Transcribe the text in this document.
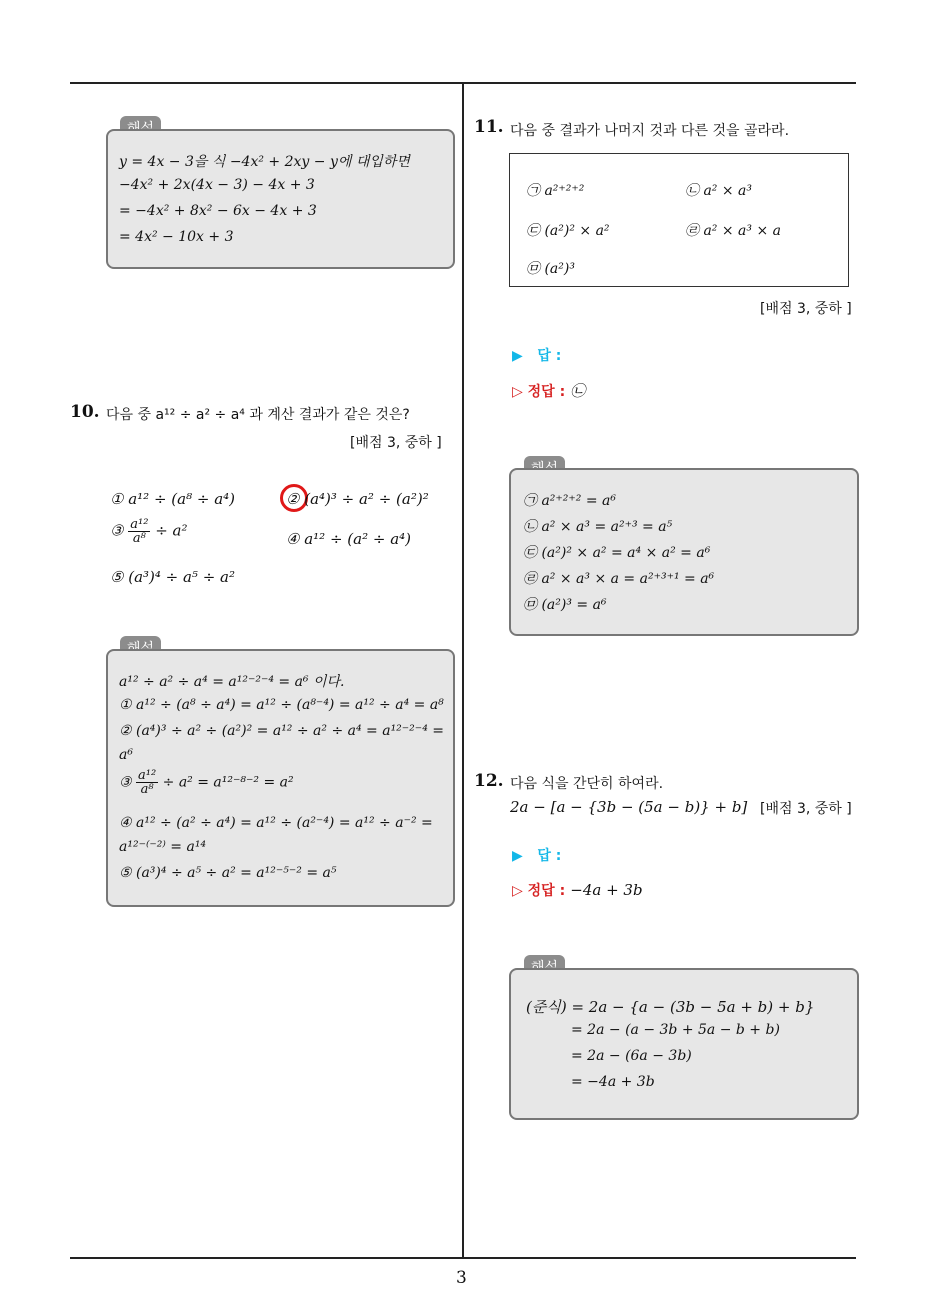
3
y = 4x − 3을 식 −4x² + 2xy − y에 대입하면
−4x² + 2x(4x − 3) − 4x + 3
= −4x² + 8x² − 6x − 4x + 3
= 4x² − 10x + 3
10. 다음 중 a¹² ÷ a² ÷ a⁴ 과 계산 결과가 같은 것은?
[배점 3, 중하 ]
① a¹² ÷ (a⁸ ÷ a⁴)	② (a⁴)³ ÷ a² ÷ (a²)²
③ $\frac{\text{a¹²}}{\text{a⁸}} \div a^2$	④ a¹² ÷ (a² ÷ a⁴)
⑤ (a³)⁴ ÷ a⁵ ÷ a²
a¹² ÷ a² ÷ a⁴ = a¹²⁻²⁻⁴ = a⁶ 이다.
① a¹² ÷ (a⁸ ÷ a⁴) = a¹² ÷ (a⁸⁻⁴) = a¹² ÷ a⁴ = a⁸
② (a⁴)³ ÷ a² ÷ (a²)² = a¹² ÷ a² ÷ a⁴ = a¹²⁻²⁻⁴ =
a⁶
③ $\frac{\text{a¹²}}{\text{a⁸}} \div a^2 = a^{12-8-2} = a^2$
④ a¹² ÷ (a² ÷ a⁴) = a¹² ÷ (a²⁻⁴) = a¹² ÷ a⁻² =
a¹²⁻⁽⁻²⁾ = a¹⁴
⑤ (a³)⁴ ÷ a⁵ ÷ a² = a¹²⁻⁵⁻² = a⁵
11. 다음 중 결과가 나머지 것과 다른 것을 골라라.
㉠ a²⁺²⁺²	㉡ a² × a³
㉢ (a²)² × a²	㉣ a² × a³ × a
㉤ (a²)³
[배점 3, 중하 ]
▶   답 :
▷ 정답 : ㉡
㉠ a²⁺²⁺² = a⁶
㉡ a² × a³ = a²⁺³ = a⁵
㉢ (a²)² × a² = a⁴ × a² = a⁶
㉣ a² × a³ × a = a²⁺³⁺¹ = a⁶
㉤ (a²)³ = a⁶
12. 다음 식을 간단히 하여라.
2a − [a − {3b − (5a − b)} + b] [배점 3, 중하 ]
▶   답 :
▷ 정답 : −4a + 3b
(준식) = 2a − {a − (3b − 5a + b) + b}
= 2a − (a − 3b + 5a − b + b)
= 2a − (6a − 3b)
= −4a + 3b
